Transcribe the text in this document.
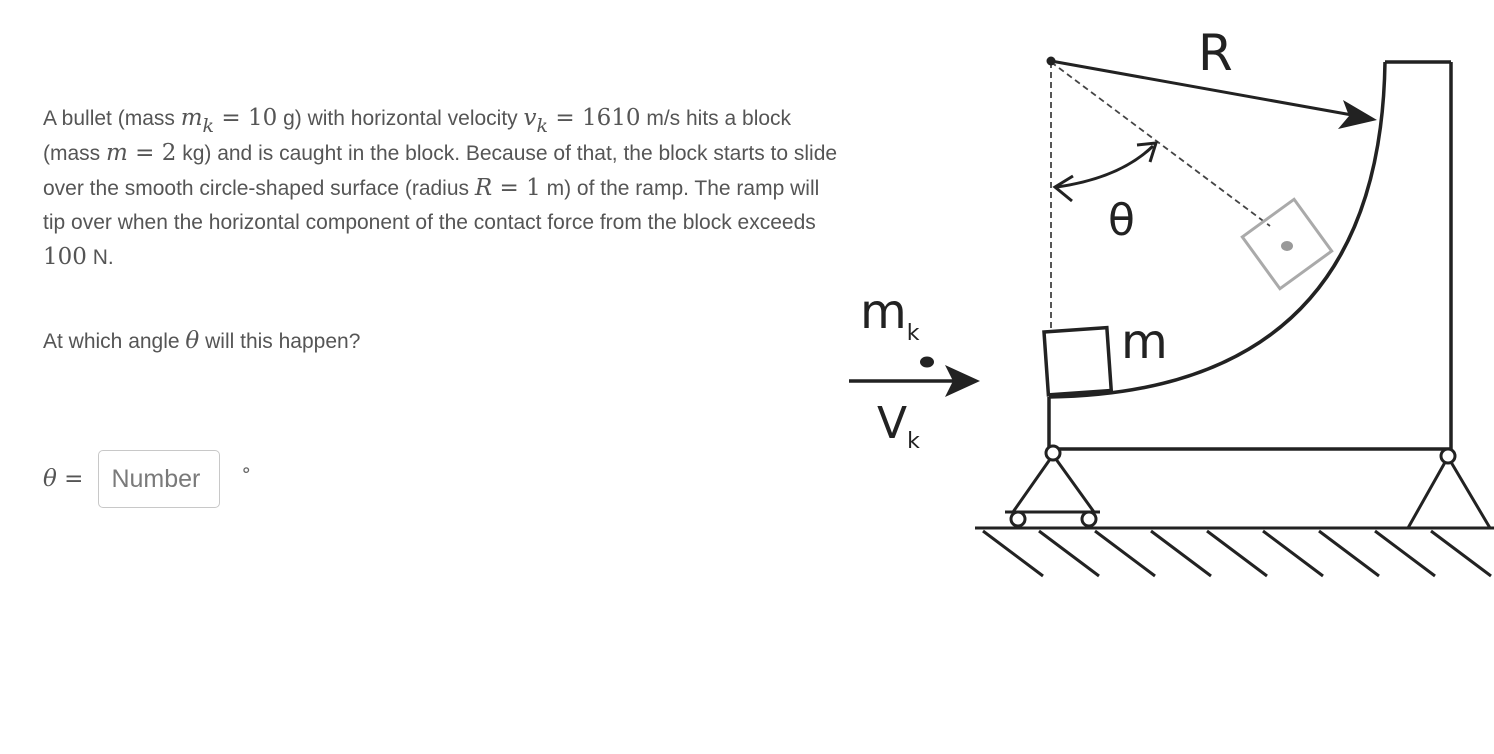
A bullet (mass $m_k = 10$ g) with horizontal velocity $v_k = 1610$ m/s hits a block (mass m = 2 kg) and is caught in the block. Because of that, the block starts to slide over the smooth circle-shaped surface (radius R = 1 m) of the ramp. The ramp will tip over when the horizontal component of the contact force from the block exceeds 100 N.

At which angle θ will this happen?
θ =
Number	°
R
θ
m
$m_k$
$V_k$
